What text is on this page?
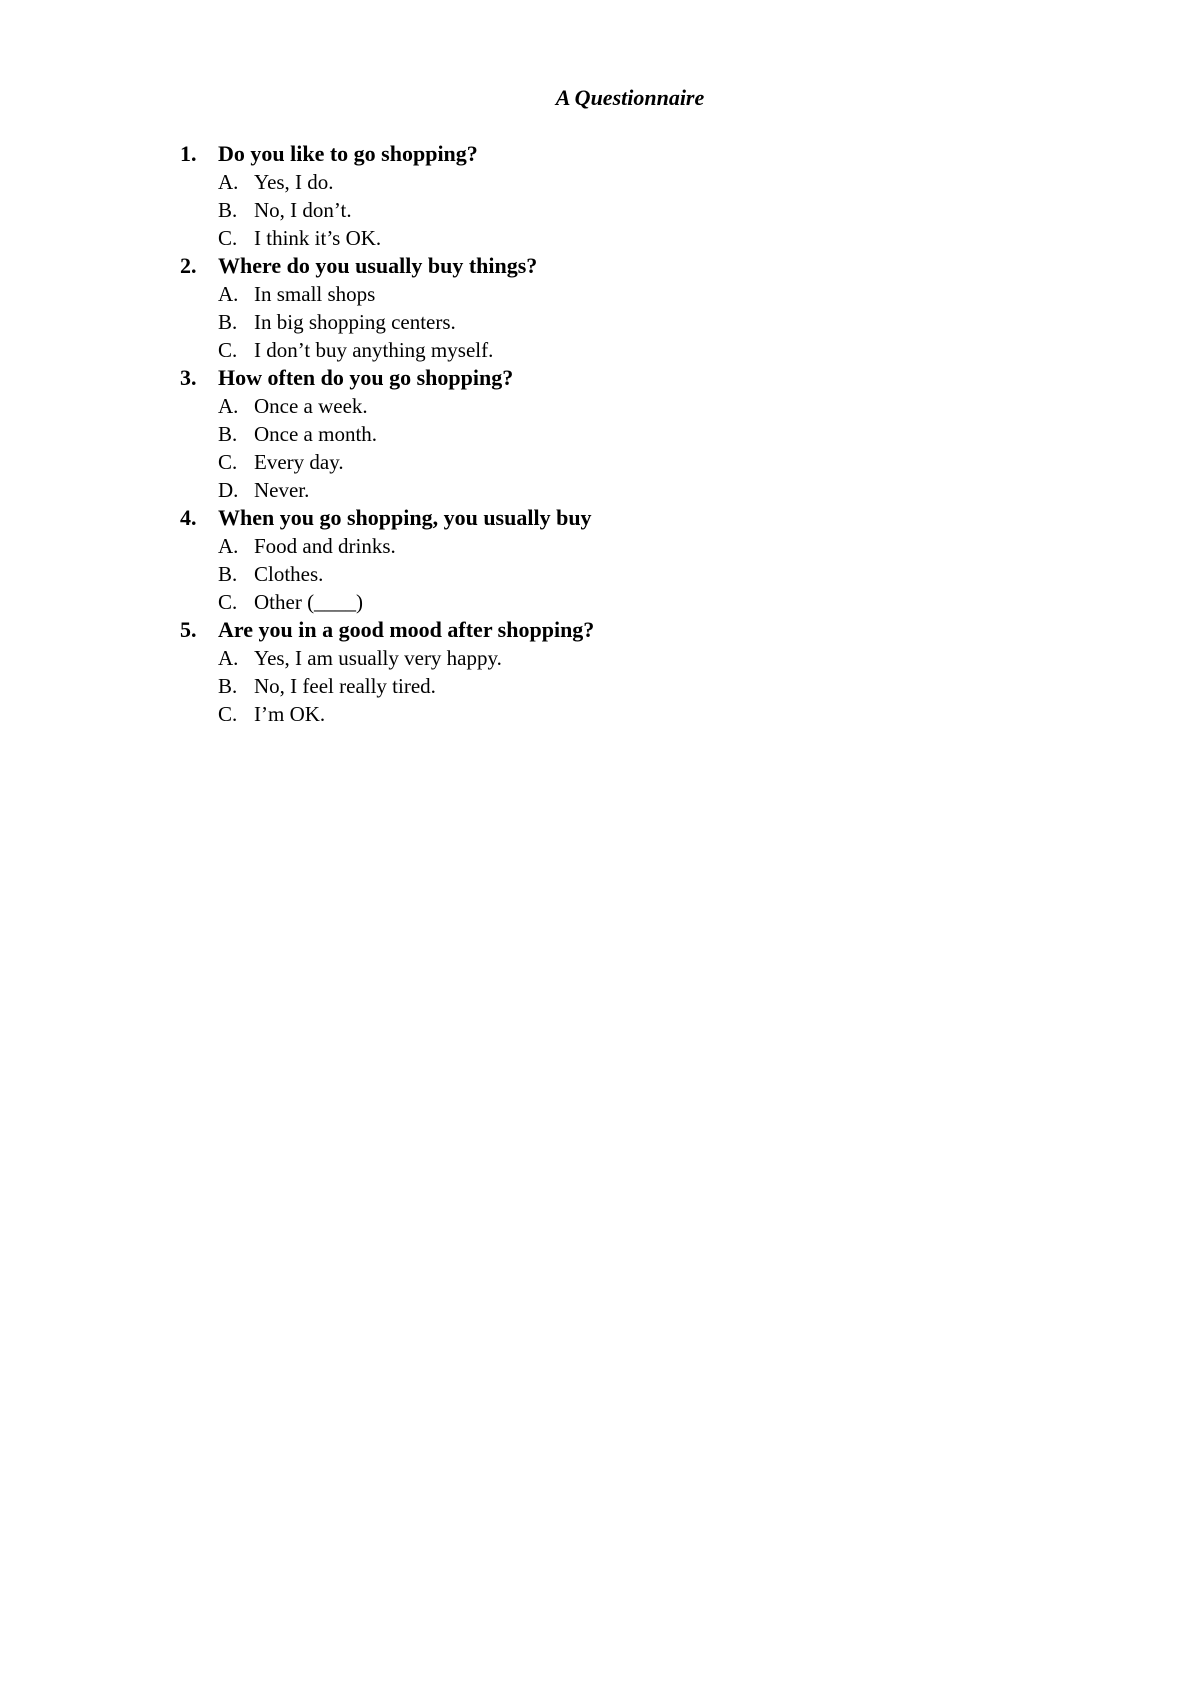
A Questionnaire
1. Do you like to go shopping?
A. Yes, I do.
B. No, I don’t.
C. I think it’s OK.
2. Where do you usually buy things?
A. In small shops
B. In big shopping centers.
C. I don’t buy anything myself.
3. How often do you go shopping?
A. Once a week.
B. Once a month.
C. Every day.
D. Never.
4. When you go shopping, you usually buy
A. Food and drinks.
B. Clothes.
C. Other (____)
5. Are you in a good mood after shopping?
A. Yes, I am usually very happy.
B. No, I feel really tired.
C. I’m OK.
